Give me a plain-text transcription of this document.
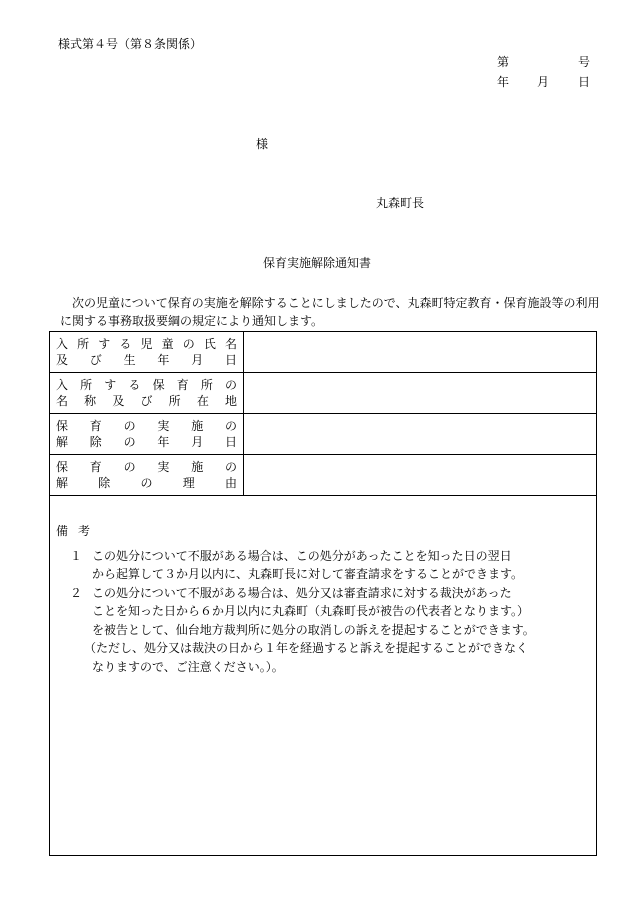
様式第４号（第８条関係）
第	号
年 月 日
様
丸森町長
保育実施解除通知書
次の児童について保育の実施を解除することにしましたので、丸森町特定教育・保育施設等の利用に関する事務取扱要綱の規定により通知します。
入所する児童の氏名
及び生年月日
入所する保育所の
名称及び所在地
保育の実施の
解除の年月日
保育の実施の
解除の理由
備考
１ この処分について不服がある場合は、この処分があったことを知った日の翌日
から起算して３か月以内に、丸森町長に対して審査請求をすることができます。
２ この処分について不服がある場合は、処分又は審査請求に対する裁決があった
ことを知った日から６か月以内に丸森町（丸森町長が被告の代表者となります。）
を被告として、仙台地方裁判所に処分の取消しの訴えを提起することができます。
（ただし、処分又は裁決の日から１年を経過すると訴えを提起することができなく
なりますので、ご注意ください。）。
